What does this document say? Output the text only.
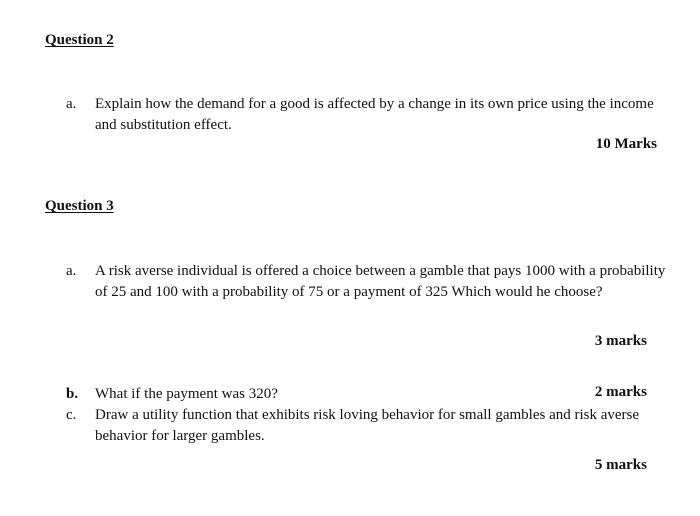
Question 2
a.	Explain how the demand for a good is affected by a change in its own price using the income and substitution effect.
10 Marks
Question 3
a.	A risk averse individual is offered a choice between a gamble that pays 1000 with a probability of 25 and 100 with a probability of 75 or a payment of 325 Which would he choose?
3 marks
b.	What if the payment was 320?	2 marks
c.	Draw a utility function that exhibits risk loving behavior for small gambles and risk averse behavior for larger gambles.
5 marks
